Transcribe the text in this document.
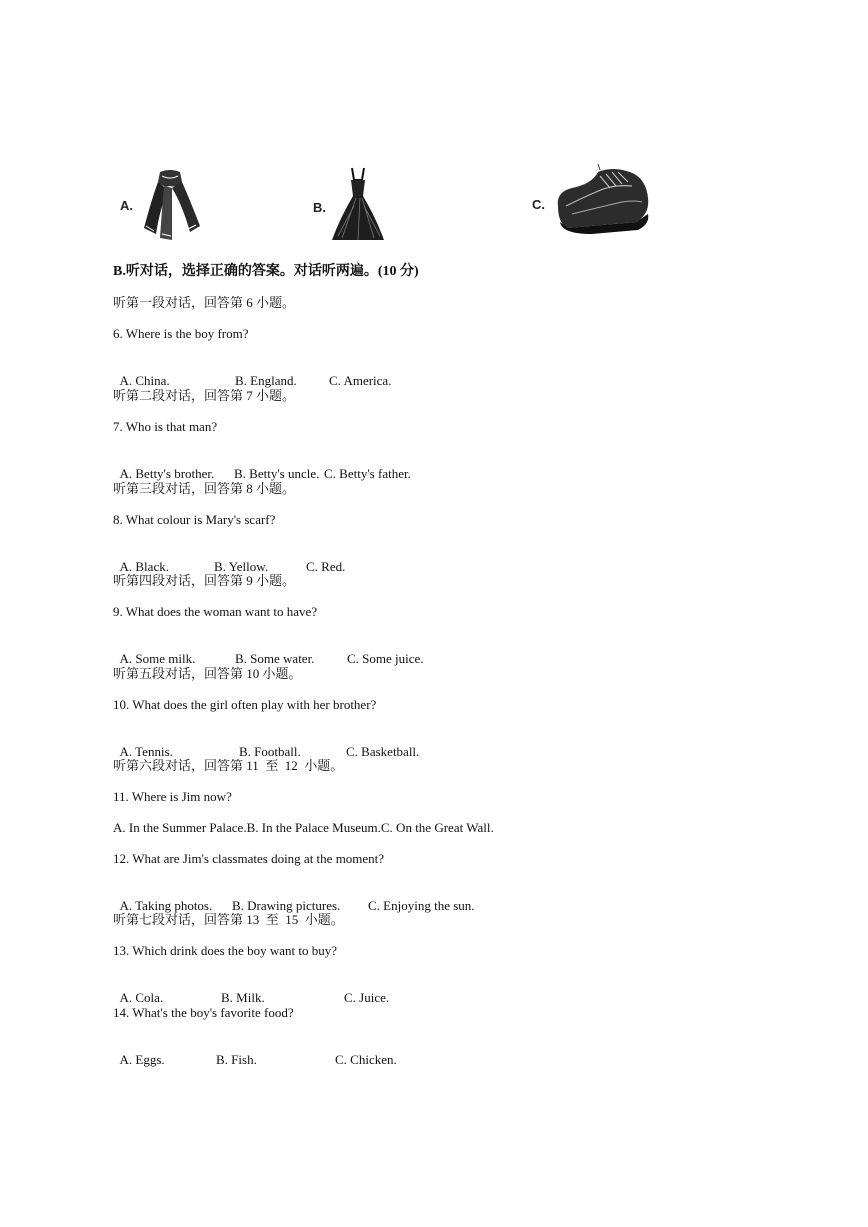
A.	B.	C.
B.听对话，选择正确的答案。对话听两遍。(10 分)
听第一段对话，回答第 6 小题。
6. Where is the boy from?

A. China.	B. England. C. America.

听第二段对话，回答第 7 小题。
7. Who is that man?

A. Betty's brother. B. Betty's uncle. C. Betty's father.

听第三段对话，回答第 8 小题。
8. What colour is Mary's scarf?

A. Black.	B. Yellow.	C. Red.

听第四段对话，回答第 9 小题。
9. What does the woman want to have?

A. Some milk.	B. Some water.	C. Some juice.

听第五段对话，回答第 10 小题。
10. What does the girl often play with her brother?

A. Tennis.	B. Football.	C. Basketball.

听第六段对话，回答第 11  至  12  小题。
11. Where is Jim now?
A. In the Summer Palace.B. In the Palace Museum.C. On the Great Wall.
12. What are Jim's classmates doing at the moment?

A. Taking photos. B. Drawing pictures. C. Enjoying the sun.

听第七段对话，回答第 13  至  15  小题。
13. Which drink does the boy want to buy?

A. Cola.	B. Milk.	C. Juice.

14. What's the boy's favorite food?

A. Eggs.	B. Fish.	C. Chicken.
